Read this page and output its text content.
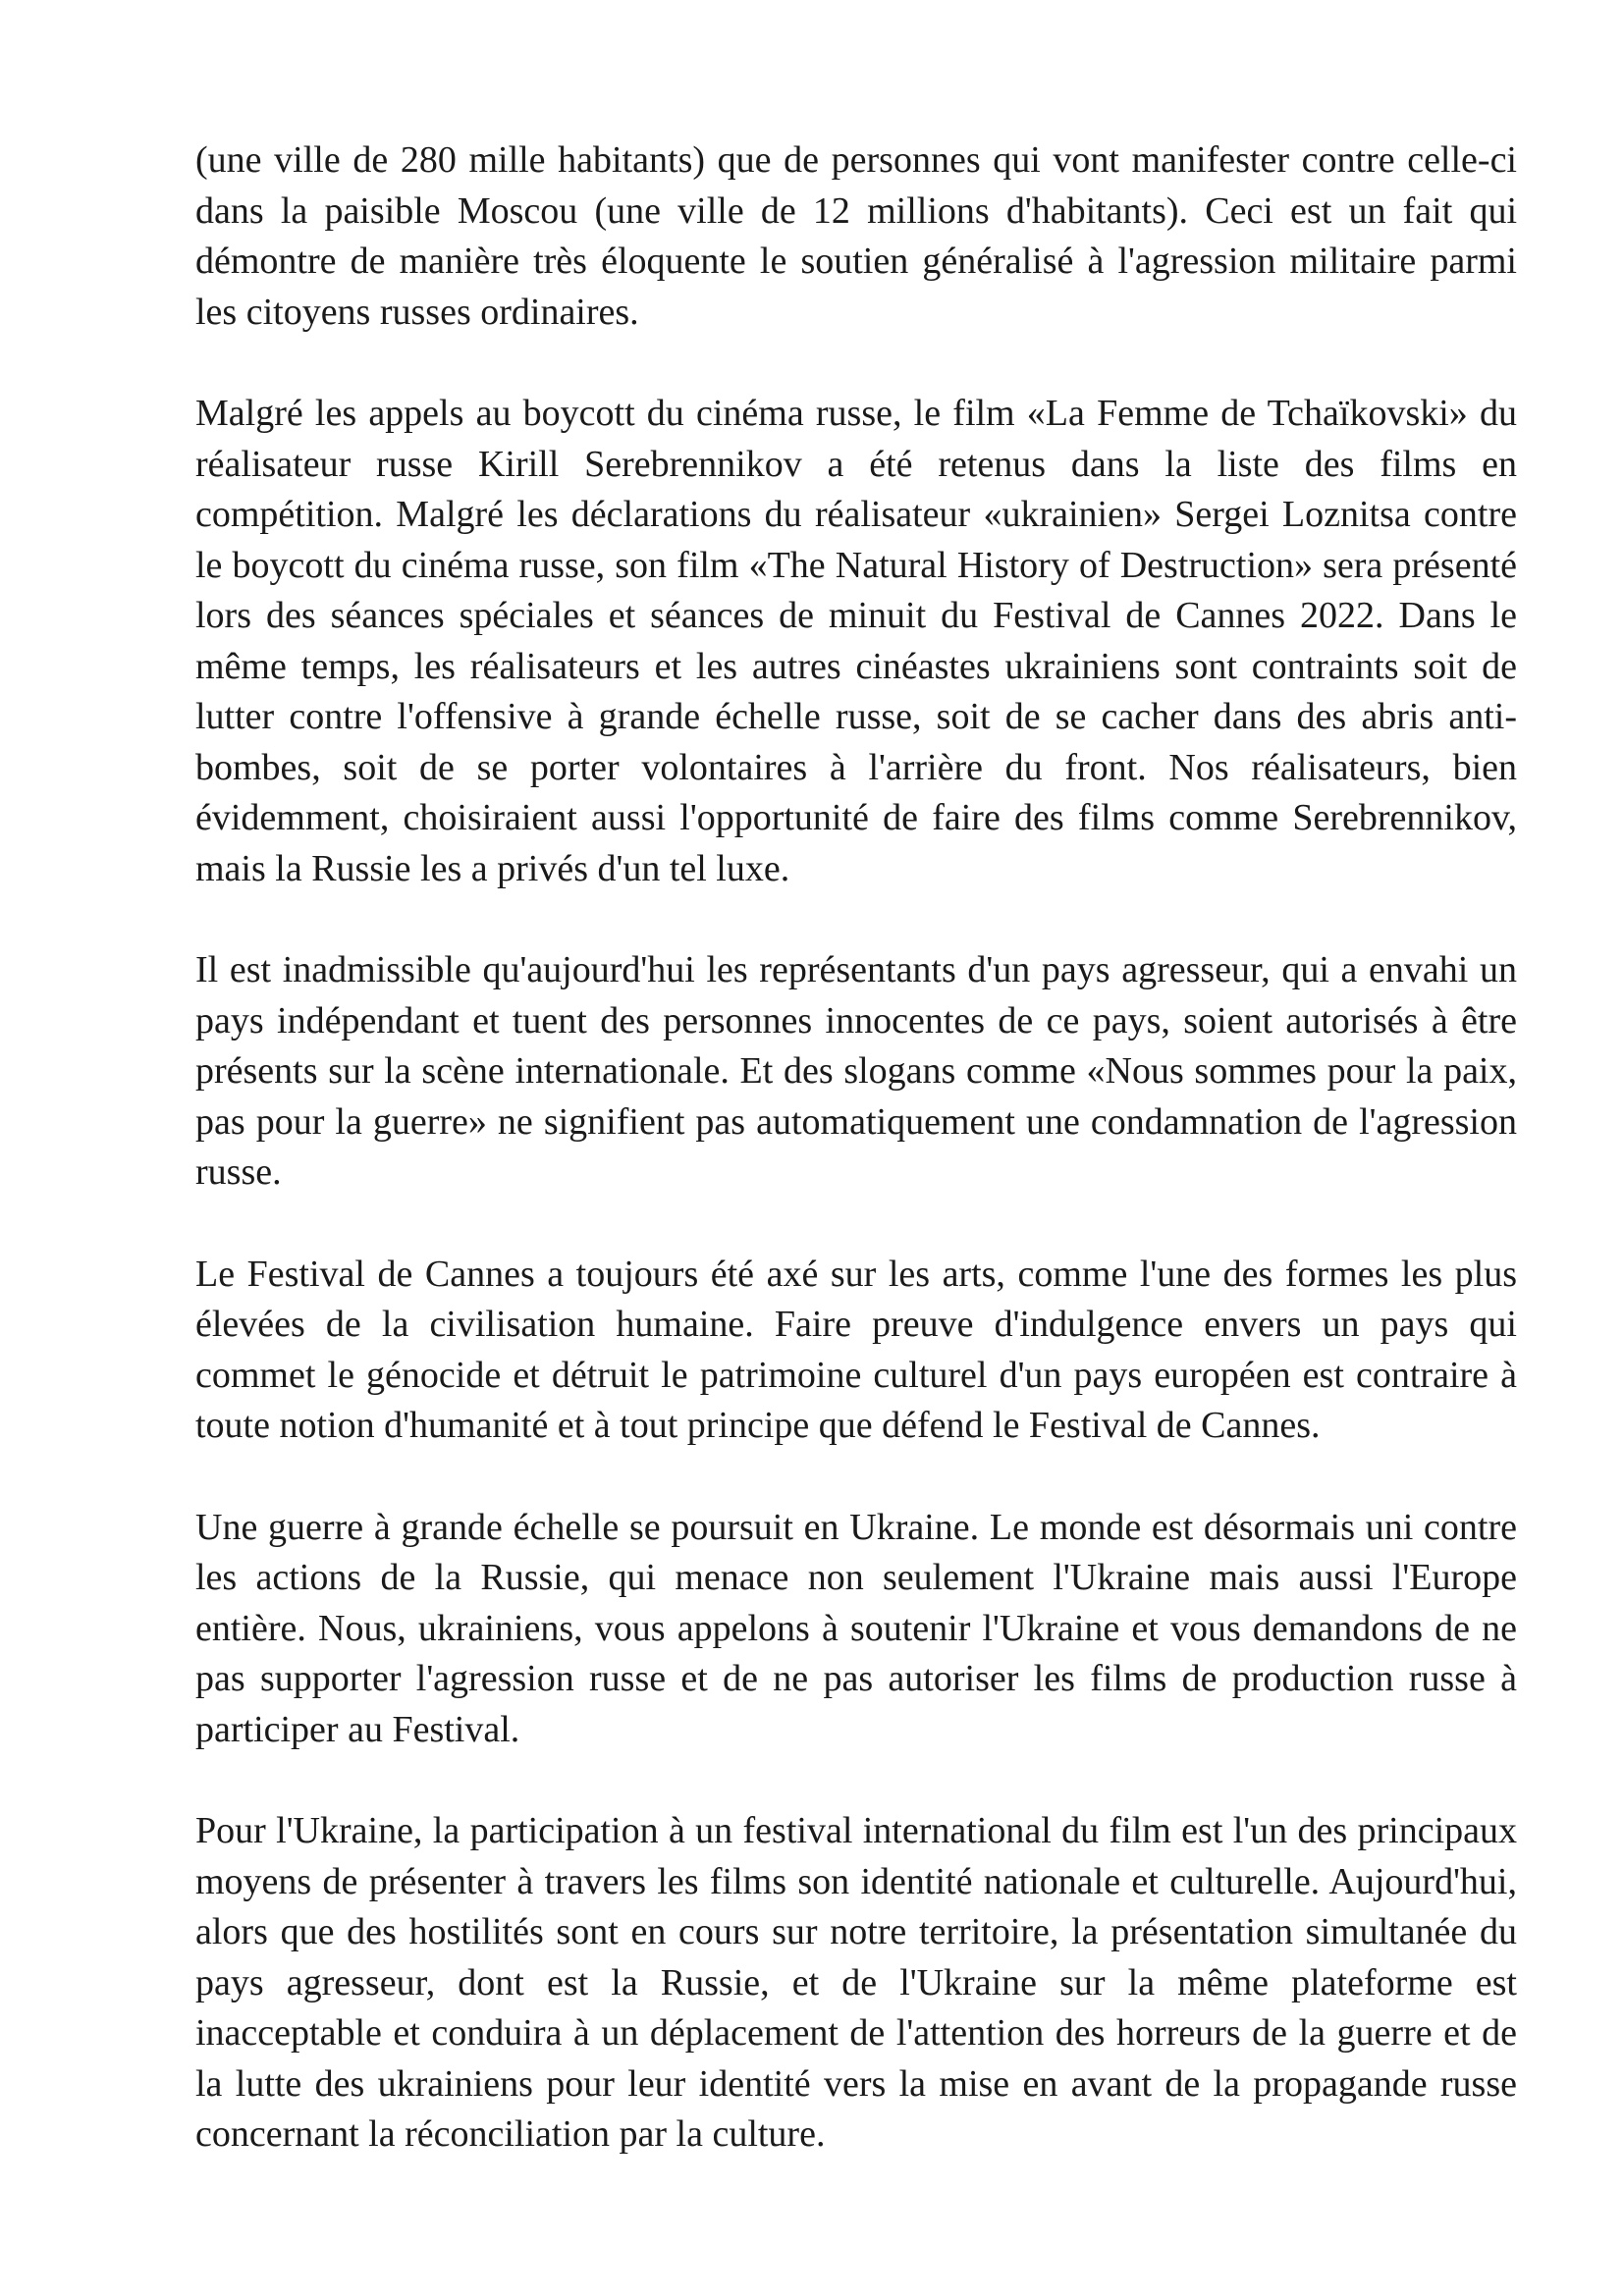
(une ville de 280 mille habitants) que de personnes qui vont manifester contre celle-ci dans la paisible Moscou (une ville de 12 millions d'habitants). Ceci est un fait qui démontre de manière très éloquente le soutien généralisé à l'agression militaire parmi les citoyens russes ordinaires.

Malgré les appels au boycott du cinéma russe, le film «La Femme de Tchaïkovski» du réalisateur russe Kirill Serebrennikov a été retenus dans la liste des films en compétition. Malgré les déclarations du réalisateur «ukrainien» Sergei Loznitsa contre le boycott du cinéma russe, son film «The Natural History of Destruction» sera présenté lors des séances spéciales et séances de minuit du Festival de Cannes 2022. Dans le même temps, les réalisateurs et les autres cinéastes ukrainiens sont contraints soit de lutter contre l'offensive à grande échelle russe, soit de se cacher dans des abris anti-bombes, soit de se porter volontaires à l'arrière du front. Nos réalisateurs, bien évidemment, choisiraient aussi l'opportunité de faire des films comme Serebrennikov, mais la Russie les a privés d'un tel luxe.

Il est inadmissible qu'aujourd'hui les représentants d'un pays agresseur, qui a envahi un pays indépendant et tuent des personnes innocentes de ce pays, soient autorisés à être présents sur la scène internationale. Et des slogans comme «Nous sommes pour la paix, pas pour la guerre» ne signifient pas automatiquement une condamnation de l'agression russe.

Le Festival de Cannes a toujours été axé sur les arts, comme l'une des formes les plus élevées de la civilisation humaine. Faire preuve d'indulgence envers un pays qui commet le génocide et détruit le patrimoine culturel d'un pays européen est contraire à toute notion d'humanité et à tout principe que défend le Festival de Cannes.

Une guerre à grande échelle se poursuit en Ukraine. Le monde est désormais uni contre les actions de la Russie, qui menace non seulement l'Ukraine mais aussi l'Europe entière. Nous, ukrainiens, vous appelons à soutenir l'Ukraine et vous demandons de ne pas supporter l'agression russe et de ne pas autoriser les films de production russe à participer au Festival.

Pour l'Ukraine, la participation à un festival international du film est l'un des principaux moyens de présenter à travers les films son identité nationale et culturelle. Aujourd'hui, alors que des hostilités sont en cours sur notre territoire, la présentation simultanée du pays agresseur, dont est la Russie, et de l'Ukraine sur la même plateforme est inacceptable et conduira à un déplacement de l'attention des horreurs de la guerre et de la lutte des ukrainiens pour leur identité vers la mise en avant de la propagande russe concernant la réconciliation par la culture.
